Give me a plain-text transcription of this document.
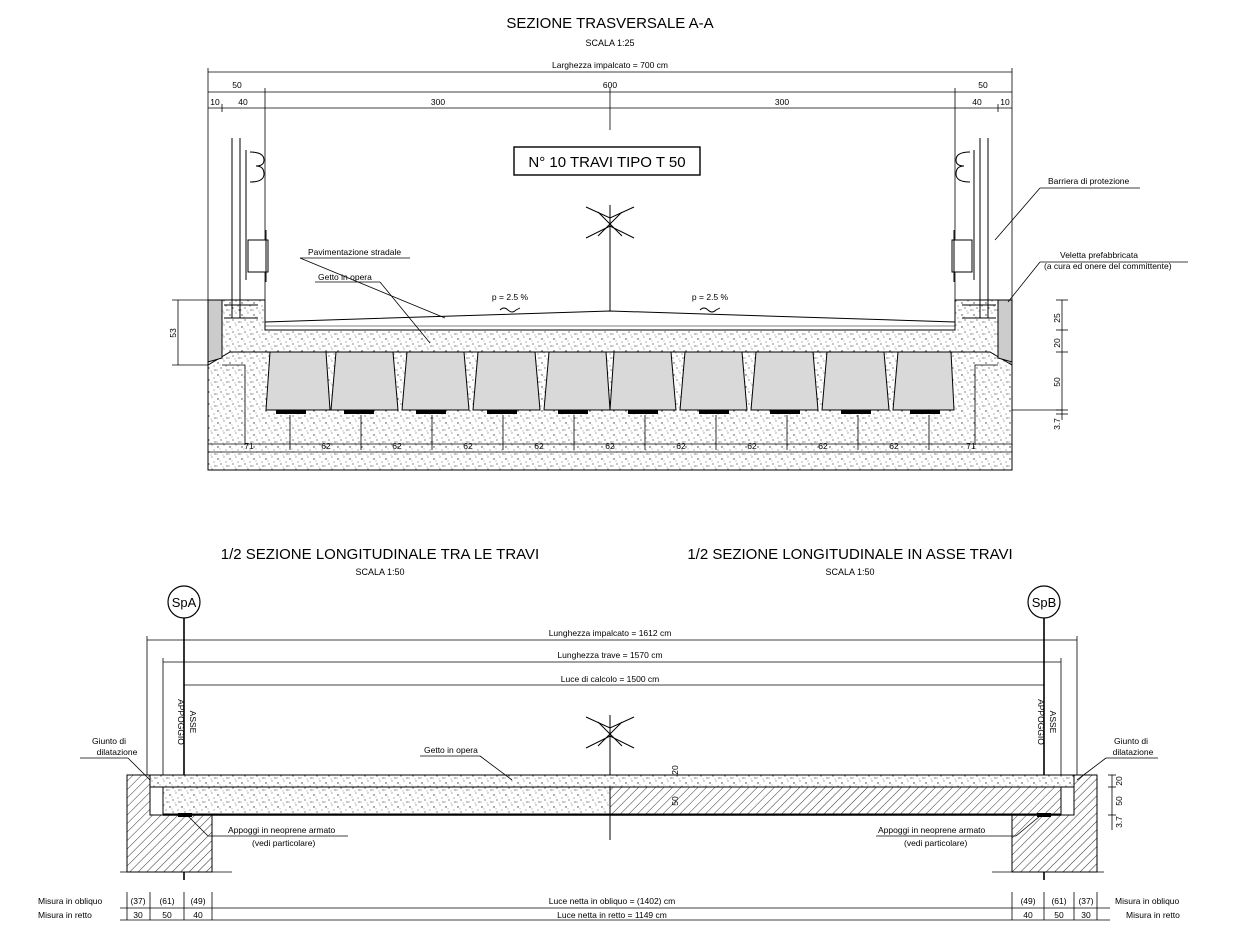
SEZIONE TRASVERSALE A-A
SCALA 1:25
Larghezza impalcato = 700 cm
50	600	50
10 40	300	300	40 10
N° 10 TRAVI TIPO T 50
Barriera di protezione
Veletta prefabbricata
(a cura ed onere del committente)
Pavimentazione stradale
Getto in opera
p = 2.5 %	p = 2.5 %
25
20
50
3.7
53
71	62	62	62	62	62	62	62	62	62	71
1/2 SEZIONE LONGITUDINALE TRA LE TRAVI
SCALA 1:50
1/2 SEZIONE LONGITUDINALE IN ASSE TRAVI
SCALA 1:50
SpA	SpB
Lunghezza impalcato = 1612 cm
Lunghezza trave = 1570 cm
Luce di calcolo = 1500 cm
ASSE
APPOGGIO	ASSE
APPOGGIO
Giunto di
dilatazione
Giunto di
dilatazione
Getto in opera
Appoggi in neoprene armato
(vedi particolare)
Appoggi in neoprene armato
(vedi particolare)
20
50
20
50
3.7
Misura in obliquo
Misura in retto
Misura in obliquo
Misura in retto
(37) (61) (49)
30 50	40
(49) (61) (37)
40	50 30
Luce netta in obliquo = (1402) cm
Luce netta in retto = 1149 cm
